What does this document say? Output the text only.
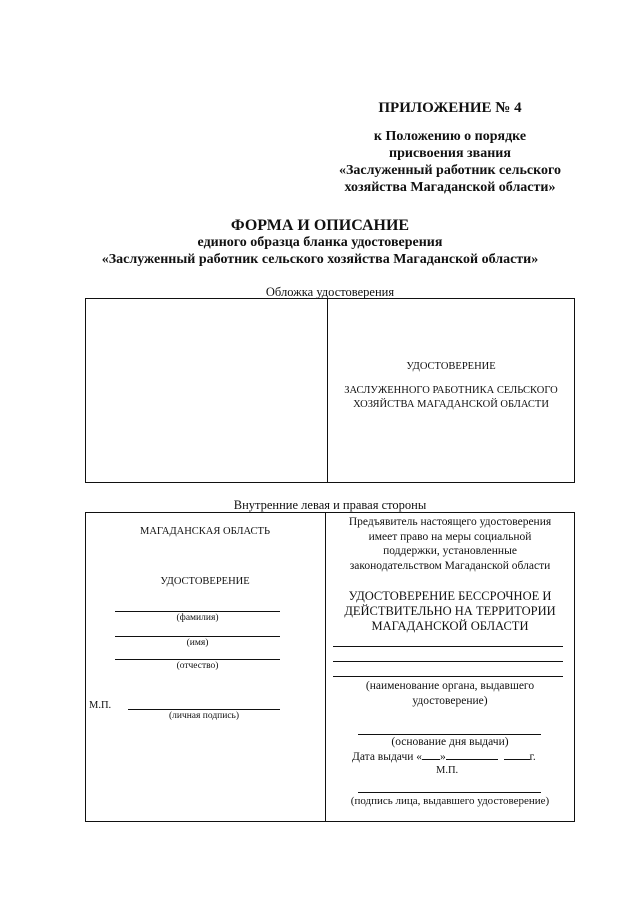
ПРИЛОЖЕНИЕ № 4
к Положению о порядке
присвоения звания
«Заслуженный работник сельского
хозяйства Магаданской области»
ФОРМА И ОПИСАНИЕ
единого образца бланка удостоверения
«Заслуженный работник сельского хозяйства Магаданской области»
Обложка удостоверения
УДОСТОВЕРЕНИЕ
ЗАСЛУЖЕННОГО РАБОТНИКА СЕЛЬСКОГО
ХОЗЯЙСТВА МАГАДАНСКОЙ ОБЛАСТИ
Внутренние левая и правая стороны
МАГАДАНСКАЯ ОБЛАСТЬ
УДОСТОВЕРЕНИЕ
(фамилия)
(имя)
(отчество)
М.П.
(личная подпись)
Предъявитель настоящего удостоверения
имеет право на меры социальной
поддержки, установленные
законодательством Магаданской области
УДОСТОВЕРЕНИЕ БЕССРОЧНОЕ И
ДЕЙСТВИТЕЛЬНО НА ТЕРРИТОРИИ
МАГАДАНСКОЙ ОБЛАСТИ
(наименование органа, выдавшего
удостоверение)
(основание дня выдачи)
Дата выдачи « »	г.
М.П.
(подпись лица, выдавшего удостоверение)
